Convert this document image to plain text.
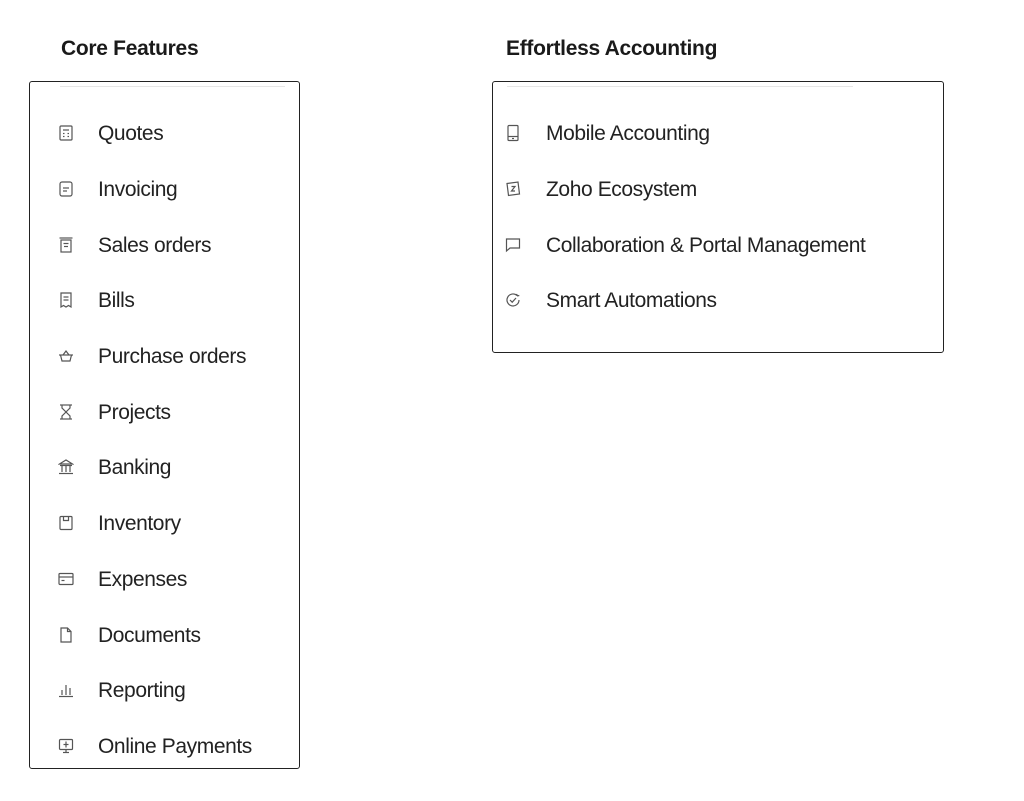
Core Features	Effortless Accounting
Quotes
Invoicing
Sales orders
Bills
Purchase orders
Projects
Banking
Inventory
Expenses
Documents
Reporting
Online Payments
Mobile Accounting
Zoho Ecosystem
Collaboration & Portal Management
Smart Automations
